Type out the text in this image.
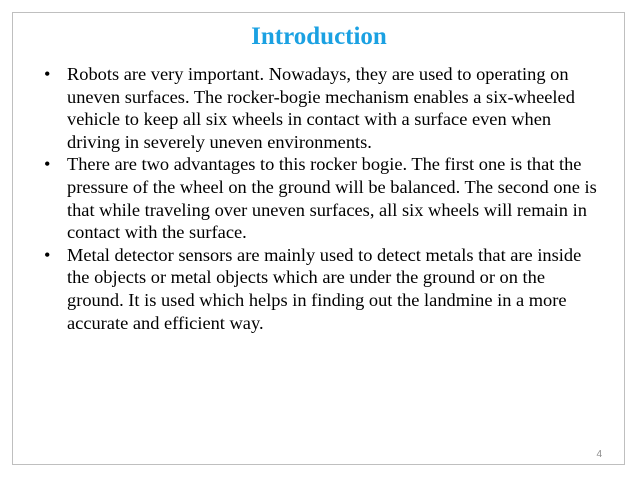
Introduction
• Robots are very important. Nowadays, they are used to operating on uneven surfaces. The rocker-bogie mechanism enables a six-wheeled vehicle to keep all six wheels in contact with a surface even when driving in severely uneven environments.
• There are two advantages to this rocker bogie. The first one is that the pressure of the wheel on the ground will be balanced. The second one is that while traveling over uneven surfaces, all six wheels will remain in contact with the surface.
• Metal detector sensors are mainly used to detect metals that are inside the objects or metal objects which are under the ground or on the ground. It is used which helps in finding out the landmine in a more accurate and efficient way.
4
